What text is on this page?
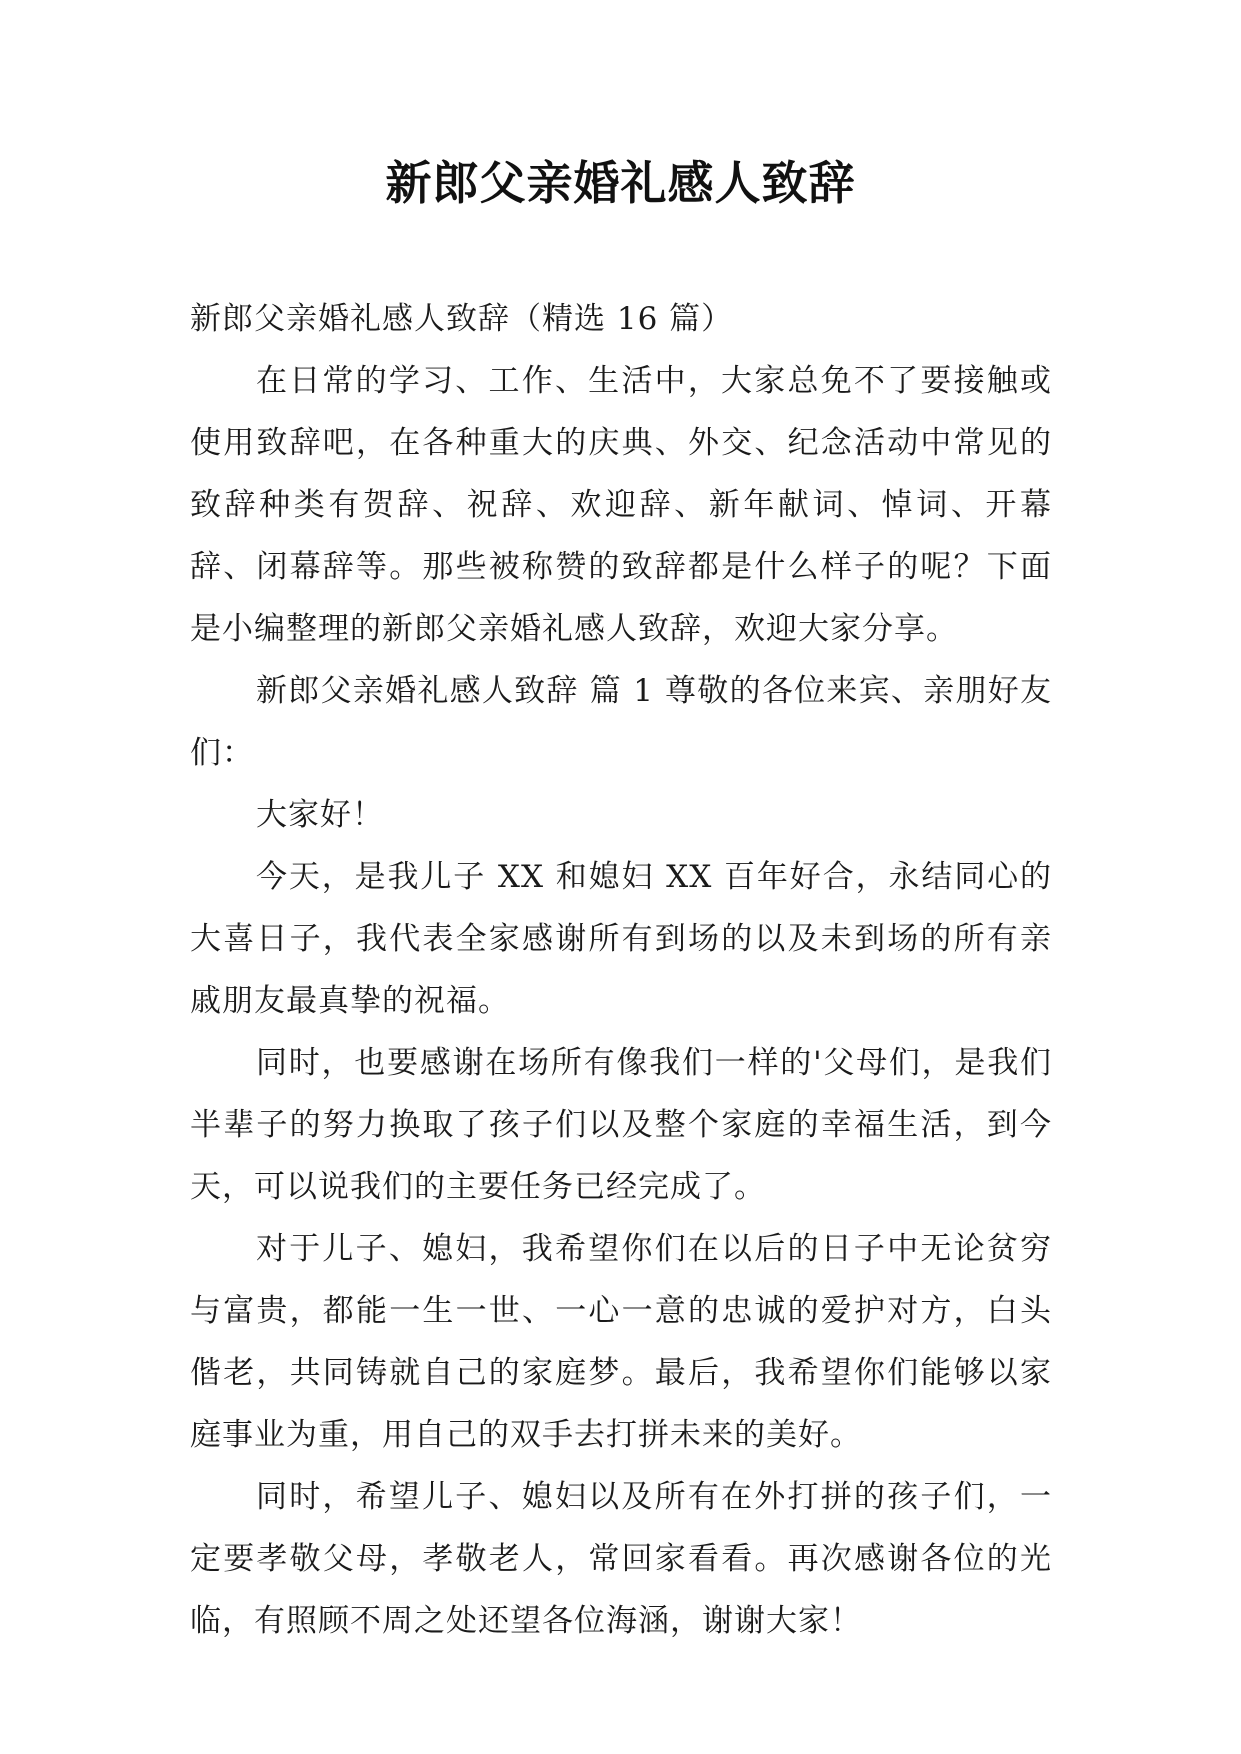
新郎父亲婚礼感人致辞

新郎父亲婚礼感人致辞（精选 16 篇）

在日常的学习、工作、生活中，大家总免不了要接触或使用致辞吧，在各种重大的庆典、外交、纪念活动中常见的致辞种类有贺辞、祝辞、欢迎辞、新年献词、悼词、开幕辞、闭幕辞等。那些被称赞的致辞都是什么样子的呢？下面是小编整理的新郎父亲婚礼感人致辞，欢迎大家分享。

新郎父亲婚礼感人致辞 篇 1 尊敬的各位来宾、亲朋好友们：

大家好！

今天，是我儿子 XX 和媳妇 XX 百年好合，永结同心的大喜日子，我代表全家感谢所有到场的以及未到场的所有亲戚朋友最真挚的祝福。

同时，也要感谢在场所有像我们一样的'父母们，是我们半辈子的努力换取了孩子们以及整个家庭的幸福生活，到今天，可以说我们的主要任务已经完成了。

对于儿子、媳妇，我希望你们在以后的日子中无论贫穷与富贵，都能一生一世、一心一意的忠诚的爱护对方，白头偕老，共同铸就自己的家庭梦。最后，我希望你们能够以家庭事业为重，用自己的双手去打拼未来的美好。

同时，希望儿子、媳妇以及所有在外打拼的孩子们，一定要孝敬父母，孝敬老人，常回家看看。再次感谢各位的光临，有照顾不周之处还望各位海涵，谢谢大家！
